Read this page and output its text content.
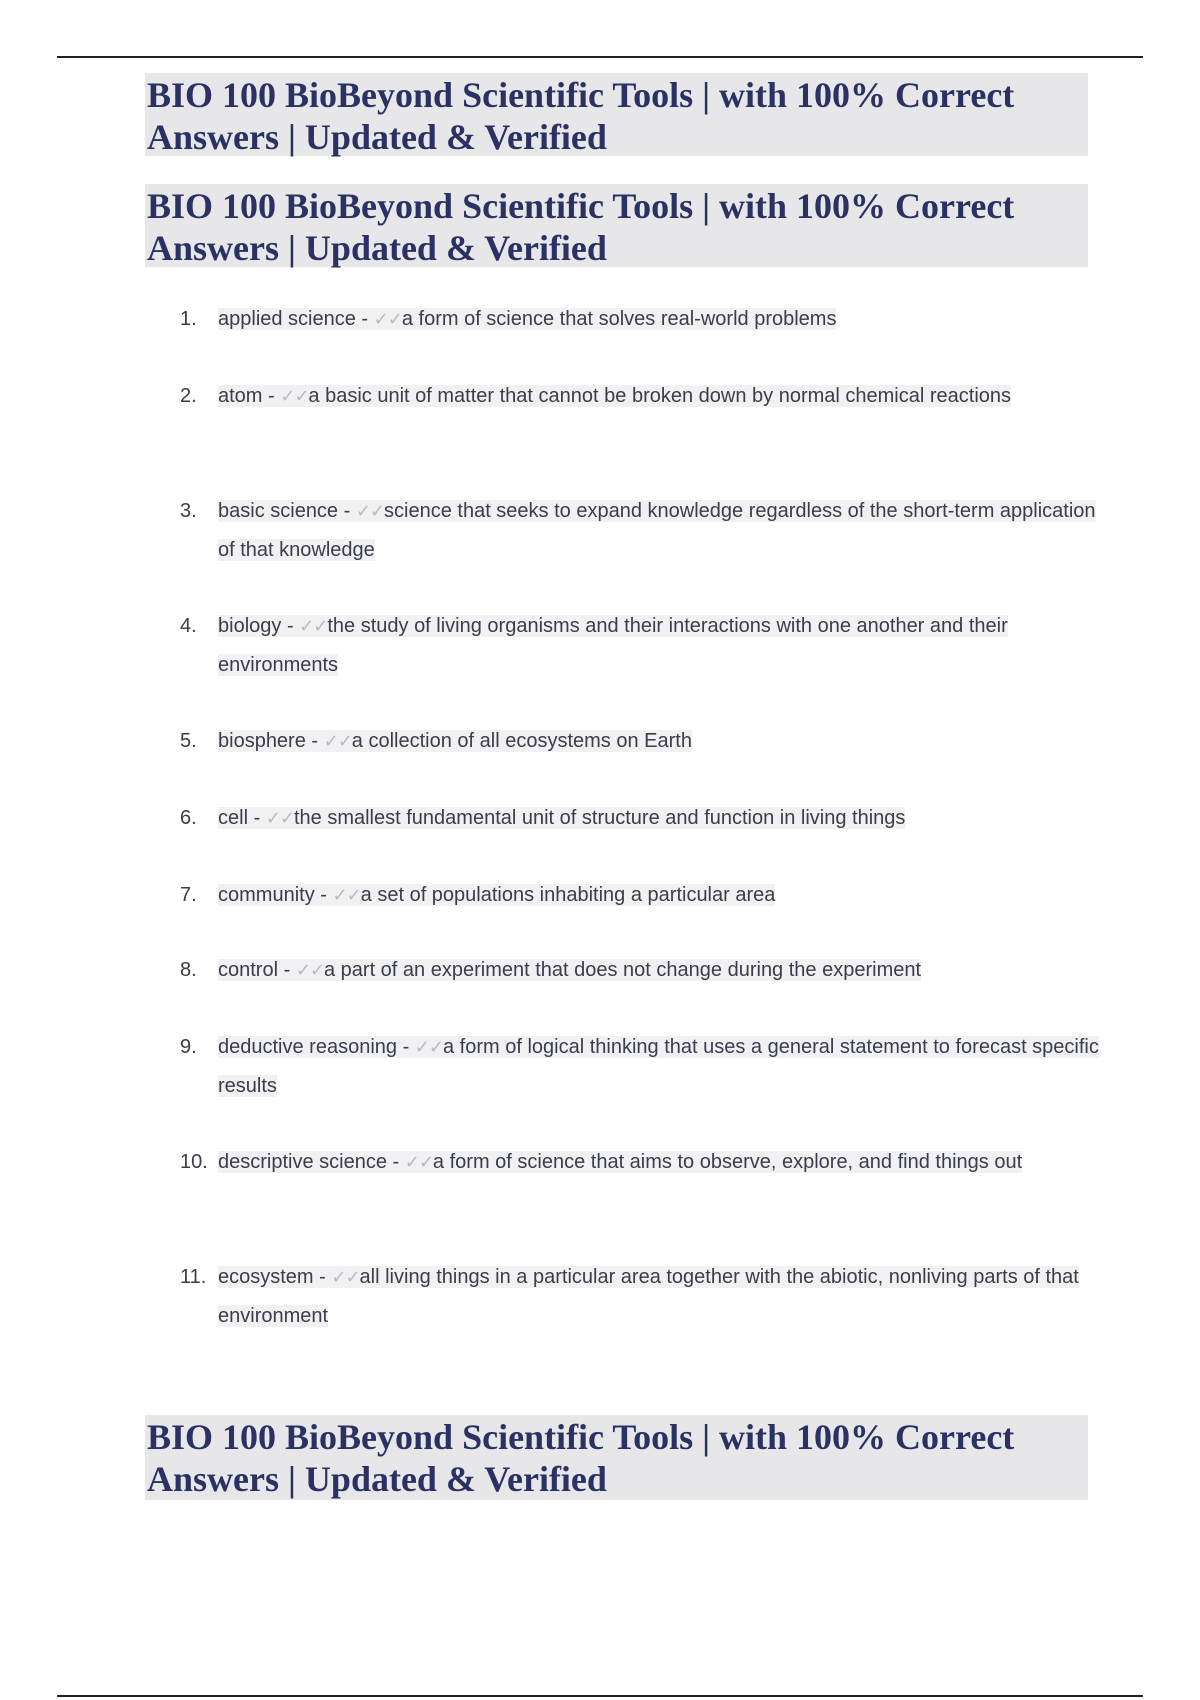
BIO 100 BioBeyond Scientific Tools | with 100% Correct Answers | Updated & Verified
BIO 100 BioBeyond Scientific Tools | with 100% Correct Answers | Updated & Verified
1.	applied science - ✓✓a form of science that solves real-world problems
2.	atom - ✓✓a basic unit of matter that cannot be broken down by normal chemical reactions
3.	basic science - ✓✓science that seeks to expand knowledge regardless of the short-term application of that knowledge
4.	biology - ✓✓the study of living organisms and their interactions with one another and their environments
5.	biosphere - ✓✓a collection of all ecosystems on Earth
6.	cell - ✓✓the smallest fundamental unit of structure and function in living things
7.	community - ✓✓a set of populations inhabiting a particular area
8.	control - ✓✓a part of an experiment that does not change during the experiment
9.	deductive reasoning - ✓✓a form of logical thinking that uses a general statement to forecast specific results
10. descriptive science - ✓✓a form of science that aims to observe, explore, and find things out
11. ecosystem - ✓✓all living things in a particular area together with the abiotic, nonliving parts of that environment
BIO 100 BioBeyond Scientific Tools | with 100% Correct Answers | Updated & Verified
